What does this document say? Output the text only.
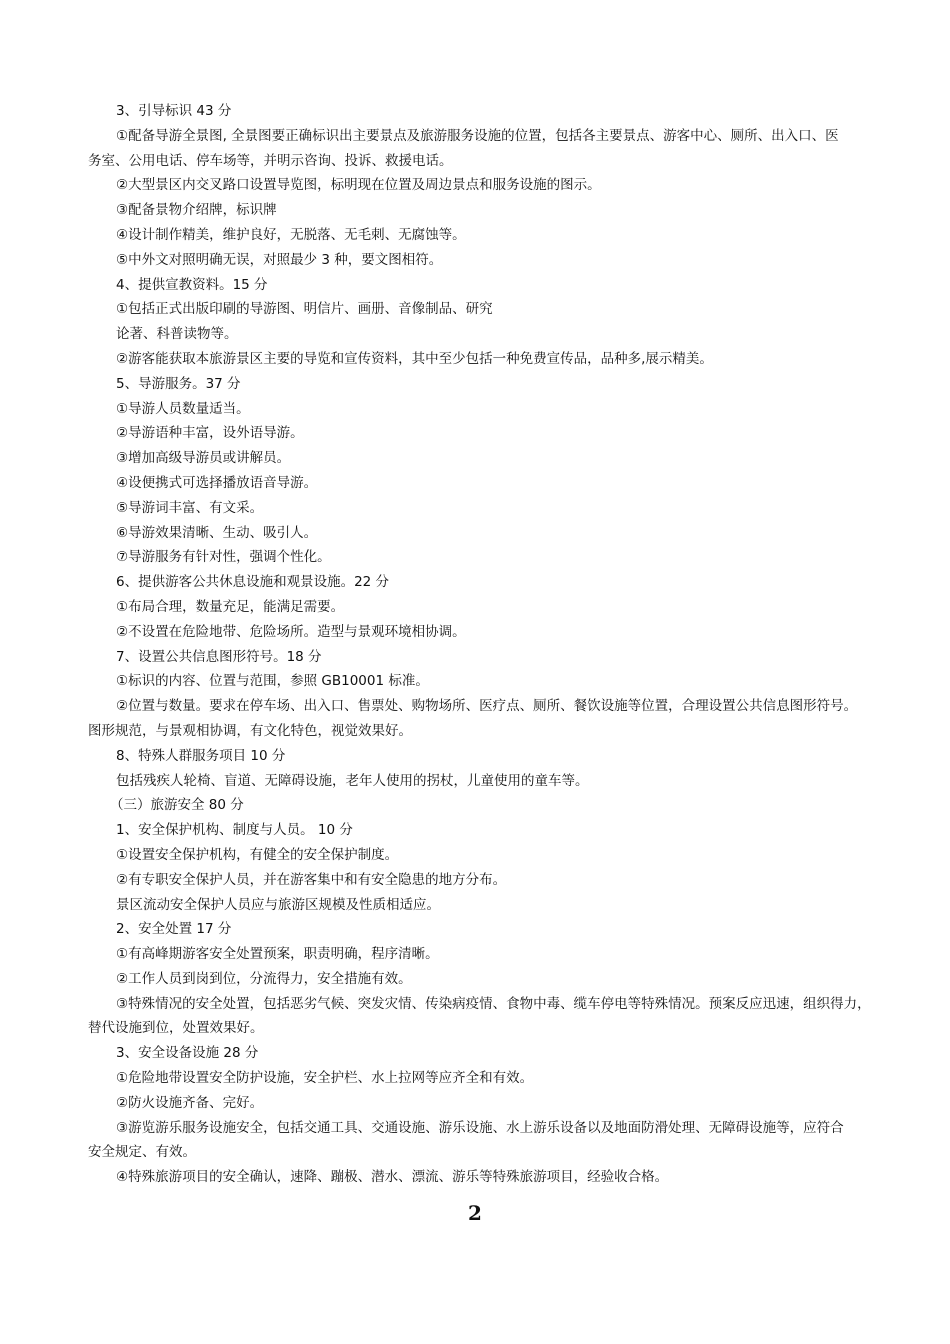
3、引导标识 43 分

①配备导游全景图, 全景图要正确标识出主要景点及旅游服务设施的位置，包括各主要景点、游客中心、厕所、出入口、医

务室、公用电话、停车场等，并明示咨询、投诉、救援电话。

②大型景区内交叉路口设置导览图，标明现在位置及周边景点和服务设施的图示。

③配备景物介绍牌，标识牌

④设计制作精美，维护良好，无脱落、无毛刺、无腐蚀等。

⑤中外文对照明确无误，对照最少 3 种，要文图相符。

4、提供宣教资料。15 分

①包括正式出版印刷的导游图、明信片、画册、音像制品、研究

论著、科普读物等。

②游客能获取本旅游景区主要的导览和宣传资料，其中至少包括一种免费宣传品，品种多,展示精美。

5、导游服务。37 分

①导游人员数量适当。

②导游语种丰富，设外语导游。

③增加高级导游员或讲解员。

④设便携式可选择播放语音导游。

⑤导游词丰富、有文采。

⑥导游效果清晰、生动、吸引人。

⑦导游服务有针对性，强调个性化。

6、提供游客公共休息设施和观景设施。22 分

①布局合理，数量充足，能满足需要。

②不设置在危险地带、危险场所。造型与景观环境相协调。

7、设置公共信息图形符号。18 分

①标识的内容、位置与范围，参照 GB10001 标准。

②位置与数量。要求在停车场、出入口、售票处、购物场所、医疗点、厕所、餐饮设施等位置，合理设置公共信息图形符号。

图形规范，与景观相协调，有文化特色，视觉效果好。

8、特殊人群服务项目 10 分

包括残疾人轮椅、盲道、无障碍设施，老年人使用的拐杖，儿童使用的童车等。

（三）旅游安全 80 分

1、安全保护机构、制度与人员。 10 分

①设置安全保护机构，有健全的安全保护制度。

②有专职安全保护人员，并在游客集中和有安全隐患的地方分布。

景区流动安全保护人员应与旅游区规模及性质相适应。

2、安全处置 17 分

①有高峰期游客安全处置预案，职责明确，程序清晰。

②工作人员到岗到位，分流得力，安全措施有效。

③特殊情况的安全处置，包括恶劣气候、突发灾情、传染病疫情、食物中毒、缆车停电等特殊情况。预案反应迅速，组织得力，

替代设施到位，处置效果好。

3、安全设备设施 28 分

①危险地带设置安全防护设施，安全护栏、水上拉网等应齐全和有效。

②防火设施齐备、完好。

③游览游乐服务设施安全，包括交通工具、交通设施、游乐设施、水上游乐设备以及地面防滑处理、无障碍设施等，应符合

安全规定、有效。

④特殊旅游项目的安全确认，速降、蹦极、潜水、漂流、游乐等特殊旅游项目，经验收合格。

2
